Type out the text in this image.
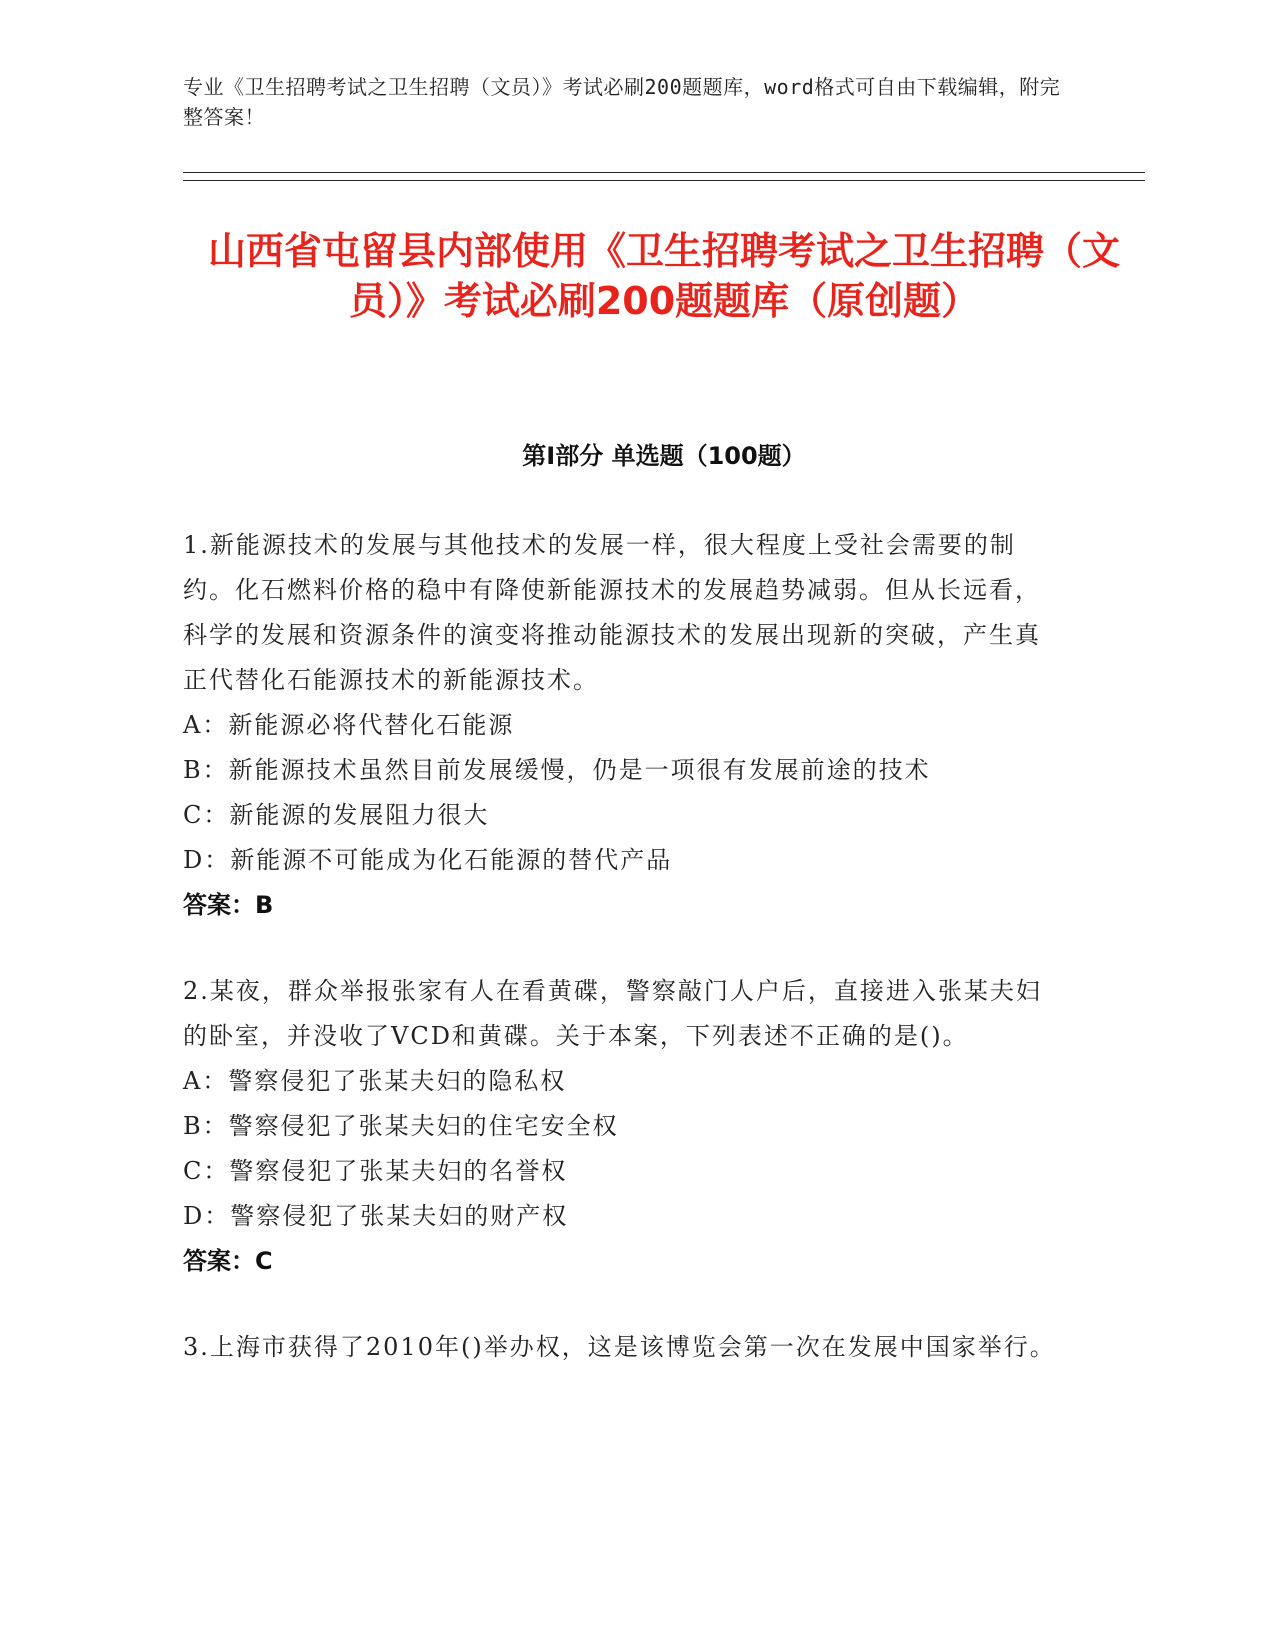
专业《卫生招聘考试之卫生招聘（文员）》考试必刷200题题库，word格式可自由下载编辑，附完整答案！
山西省屯留县内部使用《卫生招聘考试之卫生招聘（文员）》考试必刷200题题库（原创题）
第Ⅰ部分 单选题（100题）
1.新能源技术的发展与其他技术的发展一样，很大程度上受社会需要的制约。化石燃料价格的稳中有降使新能源技术的发展趋势减弱。但从长远看，科学的发展和资源条件的演变将推动能源技术的发展出现新的突破，产生真正代替化石能源技术的新能源技术。
A：新能源必将代替化石能源
B：新能源技术虽然目前发展缓慢，仍是一项很有发展前途的技术
C：新能源的发展阻力很大
D：新能源不可能成为化石能源的替代产品
答案：B
2.某夜，群众举报张家有人在看黄碟，警察敲门人户后，直接进入张某夫妇的卧室，并没收了VCD和黄碟。关于本案，下列表述不正确的是()。
A：警察侵犯了张某夫妇的隐私权
B：警察侵犯了张某夫妇的住宅安全权
C：警察侵犯了张某夫妇的名誉权
D：警察侵犯了张某夫妇的财产权
答案：C
3.上海市获得了2010年()举办权，这是该博览会第一次在发展中国家举行。
